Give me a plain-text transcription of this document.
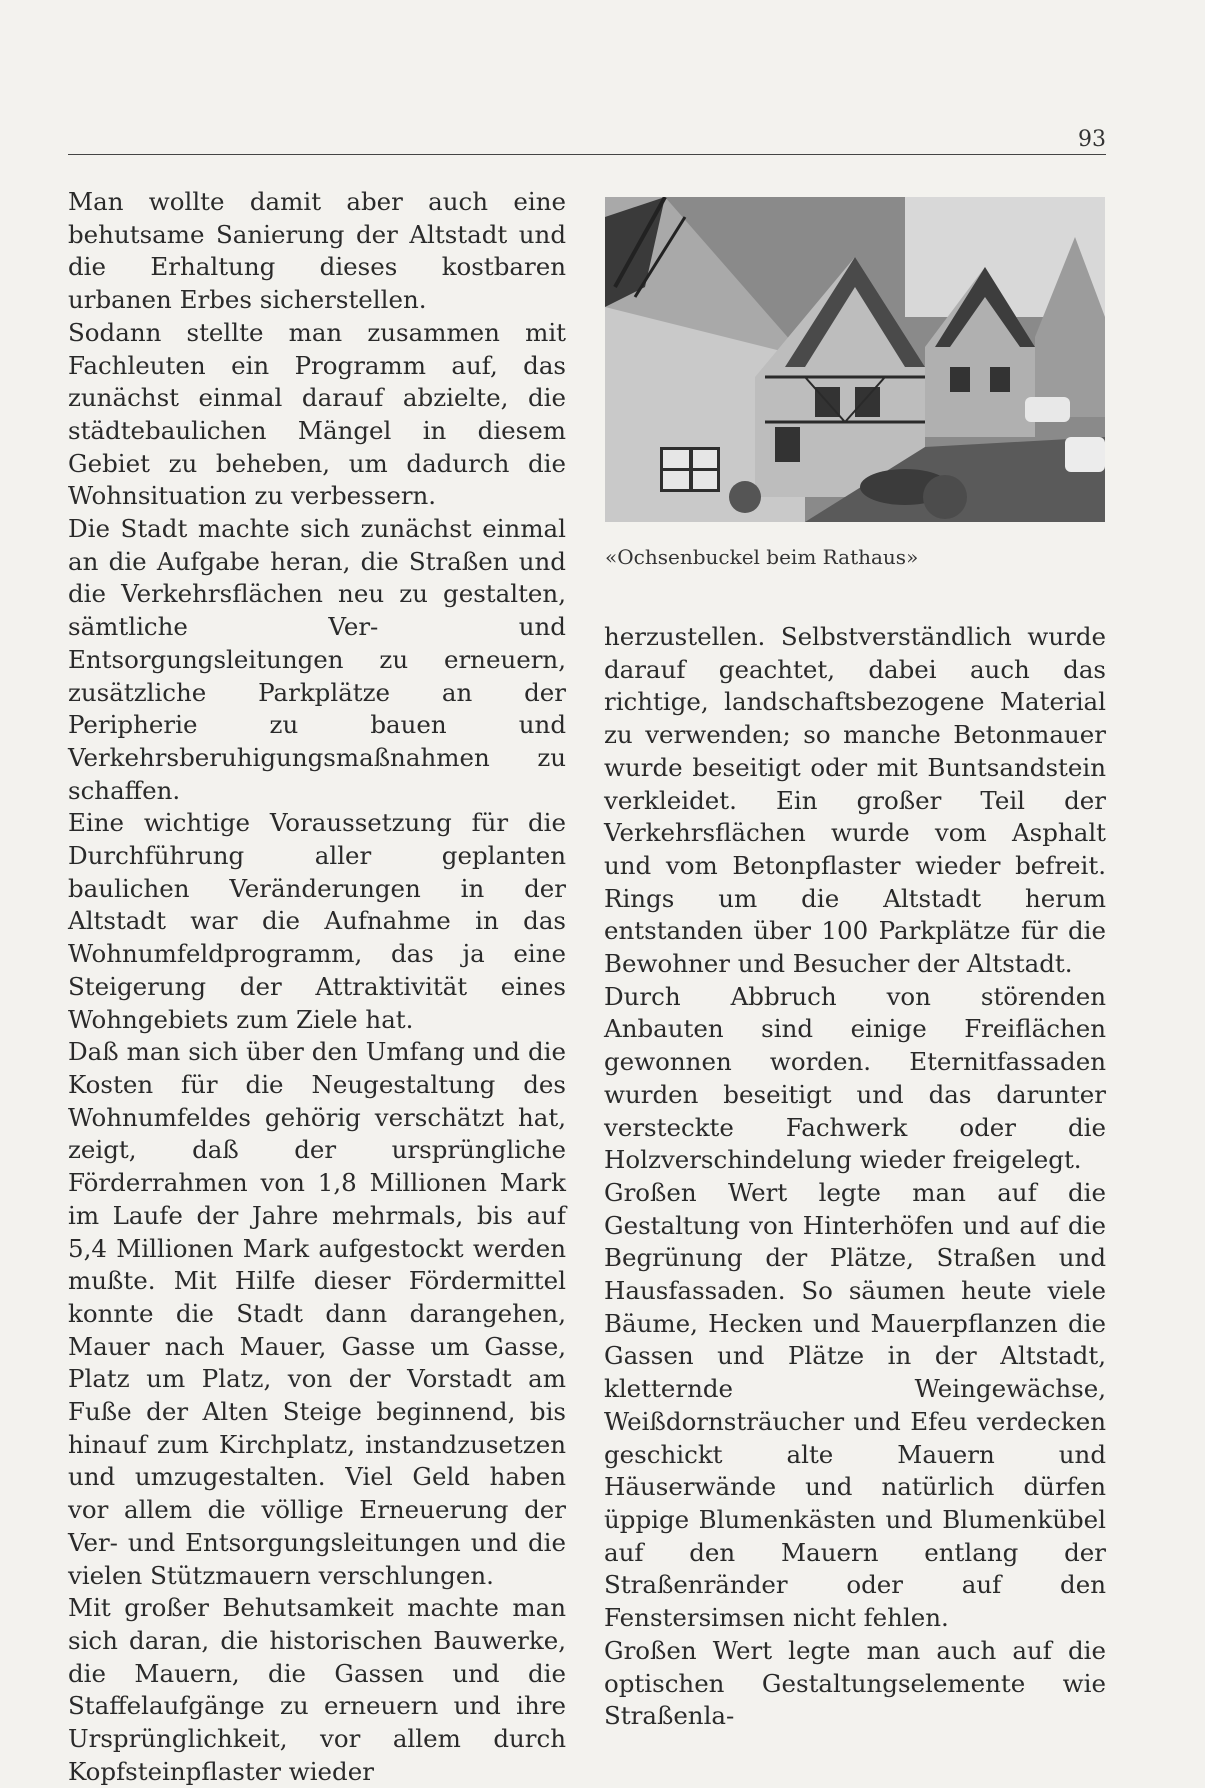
93

Man wollte damit aber auch eine behutsame Sanierung der Altstadt und die Erhaltung dieses kostbaren urbanen Erbes sicherstellen.

Sodann stellte man zusammen mit Fachleuten ein Programm auf, das zunächst einmal darauf abzielte, die städtebaulichen Mängel in diesem Gebiet zu beheben, um dadurch die Wohnsituation zu verbessern.

Die Stadt machte sich zunächst einmal an die Aufgabe heran, die Straßen und die Verkehrsflächen neu zu gestalten, sämtliche Ver- und Entsorgungsleitungen zu erneuern, zusätzliche Parkplätze an der Peripherie zu bauen und Verkehrsberuhigungsmaßnahmen zu schaffen.

Eine wichtige Voraussetzung für die Durchführung aller geplanten baulichen Veränderungen in der Altstadt war die Aufnahme in das Wohnumfeldprogramm, das ja eine Steigerung der Attraktivität eines Wohngebiets zum Ziele hat.

Daß man sich über den Umfang und die Kosten für die Neugestaltung des Wohnumfeldes gehörig verschätzt hat, zeigt, daß der ursprüngliche Förderrahmen von 1,8 Millionen Mark im Laufe der Jahre mehrmals, bis auf 5,4 Millionen Mark aufgestockt werden mußte. Mit Hilfe dieser Fördermittel konnte die Stadt dann darangehen, Mauer nach Mauer, Gasse um Gasse, Platz um Platz, von der Vorstadt am Fuße der Alten Steige beginnend, bis hinauf zum Kirchplatz, instandzusetzen und umzugestalten. Viel Geld haben vor allem die völlige Erneuerung der Ver- und Entsorgungsleitungen und die vielen Stützmauern verschlungen.

Mit großer Behutsamkeit machte man sich daran, die historischen Bauwerke, die Mauern, die Gassen und die Staffelaufgänge zu erneuern und ihre Ursprünglichkeit, vor allem durch Kopfsteinpflaster wieder

«Ochsenbuckel beim Rathaus»

herzustellen. Selbstverständlich wurde darauf geachtet, dabei auch das richtige, landschaftsbezogene Material zu verwenden; so manche Betonmauer wurde beseitigt oder mit Buntsandstein verkleidet. Ein großer Teil der Verkehrsflächen wurde vom Asphalt und vom Betonpflaster wieder befreit. Rings um die Altstadt herum entstanden über 100 Parkplätze für die Bewohner und Besucher der Altstadt.

Durch Abbruch von störenden Anbauten sind einige Freiflächen gewonnen worden. Eternitfassaden wurden beseitigt und das darunter versteckte Fachwerk oder die Holzverschindelung wieder freigelegt.

Großen Wert legte man auf die Gestaltung von Hinterhöfen und auf die Begrünung der Plätze, Straßen und Hausfassaden. So säumen heute viele Bäume, Hecken und Mauerpflanzen die Gassen und Plätze in der Altstadt, kletternde Weingewächse, Weißdornsträucher und Efeu verdecken geschickt alte Mauern und Häuserwände und natürlich dürfen üppige Blumenkästen und Blumenkübel auf den Mauern entlang der Straßenränder oder auf den Fenstersimsen nicht fehlen.

Großen Wert legte man auch auf die optischen Gestaltungselemente wie Straßenla-
